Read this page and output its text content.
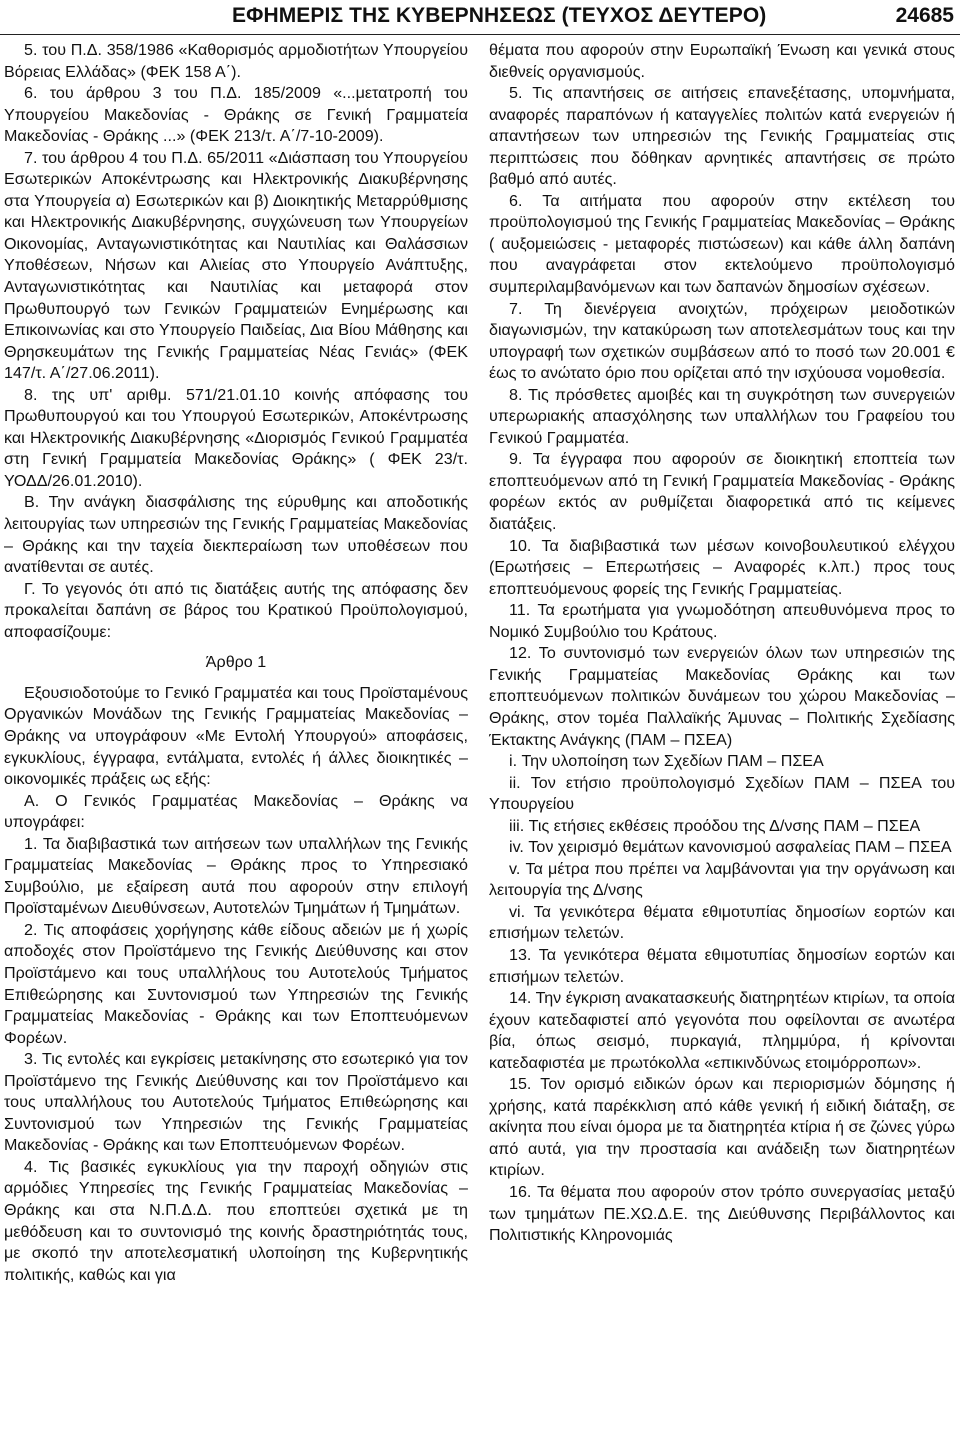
ΕΦΗΜΕΡΙΣ ΤΗΣ ΚΥΒΕΡΝΗΣΕΩΣ (ΤΕΥΧΟΣ ΔΕΥΤΕΡΟ)	24685

5. του Π.Δ. 358/1986 «Καθορισμός αρμοδιοτήτων Υπουργείου Βόρειας Ελλάδας» (ΦΕΚ 158 Α΄).

6. του άρθρου 3 του Π.Δ. 185/2009 «...μετατροπή του Υπουργείου Μακεδονίας - Θράκης σε Γενική Γραμματεία Μακεδονίας - Θράκης ...» (ΦΕΚ 213/τ. Α΄/7-10-2009).

7. του άρθρου 4 του Π.Δ. 65/2011 «Διάσπαση του Υπουργείου Εσωτερικών Αποκέντρωσης και Ηλεκτρονικής Διακυβέρνησης στα Υπουργεία α) Εσωτερικών και β) Διοικητικής Μεταρρύθμισης και Ηλεκτρονικής Διακυβέρνησης, συγχώνευση των Υπουργείων Οικονομίας, Ανταγωνιστικότητας και Ναυτιλίας και Θαλάσσιων Υποθέσεων, Νήσων και Αλιείας στο Υπουργείο Ανάπτυξης, Ανταγωνιστικότητας και Ναυτιλίας και μεταφορά στον Πρωθυπουργό των Γενικών Γραμματειών Ενημέρωσης και Επικοινωνίας και στο Υπουργείο Παιδείας, Δια Βίου Μάθησης και Θρησκευμάτων της Γενικής Γραμματείας Νέας Γενιάς» (ΦΕΚ 147/τ. Α΄/27.06.2011).

8. της υπ' αριθμ. 571/21.01.10 κοινής απόφασης του Πρωθυπουργού και του Υπουργού Εσωτερικών, Αποκέντρωσης και Ηλεκτρονικής Διακυβέρνησης «Διορισμός Γενικού Γραμματέα στη Γενική Γραμματεία Μακεδονίας Θράκης» ( ΦΕΚ 23/τ. ΥΟΔΔ/26.01.2010).

Β. Την ανάγκη διασφάλισης της εύρυθμης και αποδοτικής λειτουργίας των υπηρεσιών της Γενικής Γραμματείας Μακεδονίας – Θράκης και την ταχεία διεκπεραίωση των υποθέσεων που ανατίθενται σε αυτές.

Γ. Το γεγονός ότι από τις διατάξεις αυτής της απόφασης δεν προκαλείται δαπάνη σε βάρος του Κρατικού Προϋπολογισμού, αποφασίζουμε:

Άρθρο 1

Εξουσιοδοτούμε το Γενικό Γραμματέα και τους Προϊσταμένους Οργανικών Μονάδων της Γενικής Γραμματείας Μακεδονίας – Θράκης να υπογράφουν «Με Εντολή Υπουργού» αποφάσεις, εγκυκλίους, έγγραφα, εντάλματα, εντολές ή άλλες διοικητικές – οικονομικές πράξεις ως εξής:

Α. Ο Γενικός Γραμματέας Μακεδονίας – Θράκης να υπογράφει:

1. Τα διαβιβαστικά των αιτήσεων των υπαλλήλων της Γενικής Γραμματείας Μακεδονίας – Θράκης προς το Υπηρεσιακό Συμβούλιο, με εξαίρεση αυτά που αφορούν στην επιλογή Προϊσταμένων Διευθύνσεων, Αυτοτελών Τμημάτων ή Τμημάτων.

2. Τις αποφάσεις χορήγησης κάθε είδους αδειών με ή χωρίς αποδοχές στον Προϊστάμενο της Γενικής Διεύθυνσης και στον Προϊστάμενο και τους υπαλλήλους του Αυτοτελούς Τμήματος Επιθεώρησης και Συντονισμού των Υπηρεσιών της Γενικής Γραμματείας Μακεδονίας - Θράκης και των Εποπτευόμενων Φορέων.

3. Τις εντολές και εγκρίσεις μετακίνησης στο εσωτερικό για τον Προϊστάμενο της Γενικής Διεύθυνσης και τον Προϊστάμενο και τους υπαλλήλους του Αυτοτελούς Τμήματος Επιθεώρησης και Συντονισμού των Υπηρεσιών της Γενικής Γραμματείας Μακεδονίας - Θράκης και των Εποπτευόμενων Φορέων.

4. Τις βασικές εγκυκλίους για την παροχή οδηγιών στις αρμόδιες Υπηρεσίες της Γενικής Γραμματείας Μακεδονίας – Θράκης και στα Ν.Π.Δ.Δ. που εποπτεύει σχετικά με τη μεθόδευση και το συντονισμό της κοινής δραστηριότητάς τους, με σκοπό την αποτελεσματική υλοποίηση της Κυβερνητικής πολιτικής, καθώς και για

θέματα που αφορούν στην Ευρωπαϊκή Ένωση και γενικά στους διεθνείς οργανισμούς.

5. Τις απαντήσεις σε αιτήσεις επανεξέτασης, υπομνήματα, αναφορές παραπόνων ή καταγγελίες πολιτών κατά ενεργειών ή απαντήσεων των υπηρεσιών της Γενικής Γραμματείας στις περιπτώσεις που δόθηκαν αρνητικές απαντήσεις σε πρώτο βαθμό από αυτές.

6. Τα αιτήματα που αφορούν στην εκτέλεση του προϋπολογισμού της Γενικής Γραμματείας Μακεδονίας – Θράκης ( αυξομειώσεις - μεταφορές πιστώσεων) και κάθε άλλη δαπάνη που αναγράφεται στον εκτελούμενο προϋπολογισμό συμπεριλαμβανόμενων και των δαπανών δημοσίων σχέσεων.

7. Τη διενέργεια ανοιχτών, πρόχειρων μειοδοτικών διαγωνισμών, την κατακύρωση των αποτελεσμάτων τους και την υπογραφή των σχετικών συμβάσεων από το ποσό των 20.001 € έως το ανώτατο όριο που ορίζεται από την ισχύουσα νομοθεσία.

8. Τις πρόσθετες αμοιβές και τη συγκρότηση των συνεργειών υπερωριακής απασχόλησης των υπαλλήλων του Γραφείου του Γενικού Γραμματέα.

9. Τα έγγραφα που αφορούν σε διοικητική εποπτεία των εποπτευόμενων από τη Γενική Γραμματεία Μακεδονίας - Θράκης φορέων εκτός αν ρυθμίζεται διαφορετικά από τις κείμενες διατάξεις.

10. Τα διαβιβαστικά των μέσων κοινοβουλευτικού ελέγχου (Ερωτήσεις – Επερωτήσεις – Αναφορές κ.λπ.) προς τους εποπτευόμενους φορείς της Γενικής Γραμματείας.

11. Τα ερωτήματα για γνωμοδότηση απευθυνόμενα προς το Νομικό Συμβούλιο του Κράτους.

12. Το συντονισμό των ενεργειών όλων των υπηρεσιών της Γενικής Γραμματείας Μακεδονίας Θράκης και των εποπτευόμενων πολιτικών δυνάμεων του χώρου Μακεδονίας – Θράκης, στον τομέα Παλλαϊκής Άμυνας – Πολιτικής Σχεδίασης Έκτακτης Ανάγκης (ΠΑΜ – ΠΣΕΑ)

i. Την υλοποίηση των Σχεδίων ΠΑΜ – ΠΣΕΑ

ii. Τον ετήσιο προϋπολογισμό Σχεδίων ΠΑΜ – ΠΣΕΑ του Υπουργείου

iii. Τις ετήσιες εκθέσεις προόδου της Δ/νσης ΠΑΜ – ΠΣΕΑ

iv. Τον χειρισμό θεμάτων κανονισμού ασφαλείας ΠΑΜ – ΠΣΕΑ

v. Τα μέτρα που πρέπει να λαμβάνονται για την οργάνωση και λειτουργία της Δ/νσης

vi. Τα γενικότερα θέματα εθιμοτυπίας δημοσίων εορτών και επισήμων τελετών.

13. Τα γενικότερα θέματα εθιμοτυπίας δημοσίων εορτών και επισήμων τελετών.

14. Την έγκριση ανακατασκευής διατηρητέων κτιρίων, τα οποία έχουν κατεδαφιστεί από γεγονότα που οφείλονται σε ανωτέρα βία, όπως σεισμό, πυρκαγιά, πλημμύρα, ή κρίνονται κατεδαφιστέα με πρωτόκολλα «επικινδύνως ετοιμόρροπων».

15. Τον ορισμό ειδικών όρων και περιορισμών δόμησης ή χρήσης, κατά παρέκκλιση από κάθε γενική ή ειδική διάταξη, σε ακίνητα που είναι όμορα με τα διατηρητέα κτίρια ή σε ζώνες γύρω από αυτά, για την προστασία και ανάδειξη των διατηρητέων κτιρίων.

16. Τα θέματα που αφορούν στον τρόπο συνεργασίας μεταξύ των τμημάτων ΠΕ.ΧΩ.Δ.Ε. της Διεύθυνσης Περιβάλλοντος και Πολιτιστικής Κληρονομιάς
